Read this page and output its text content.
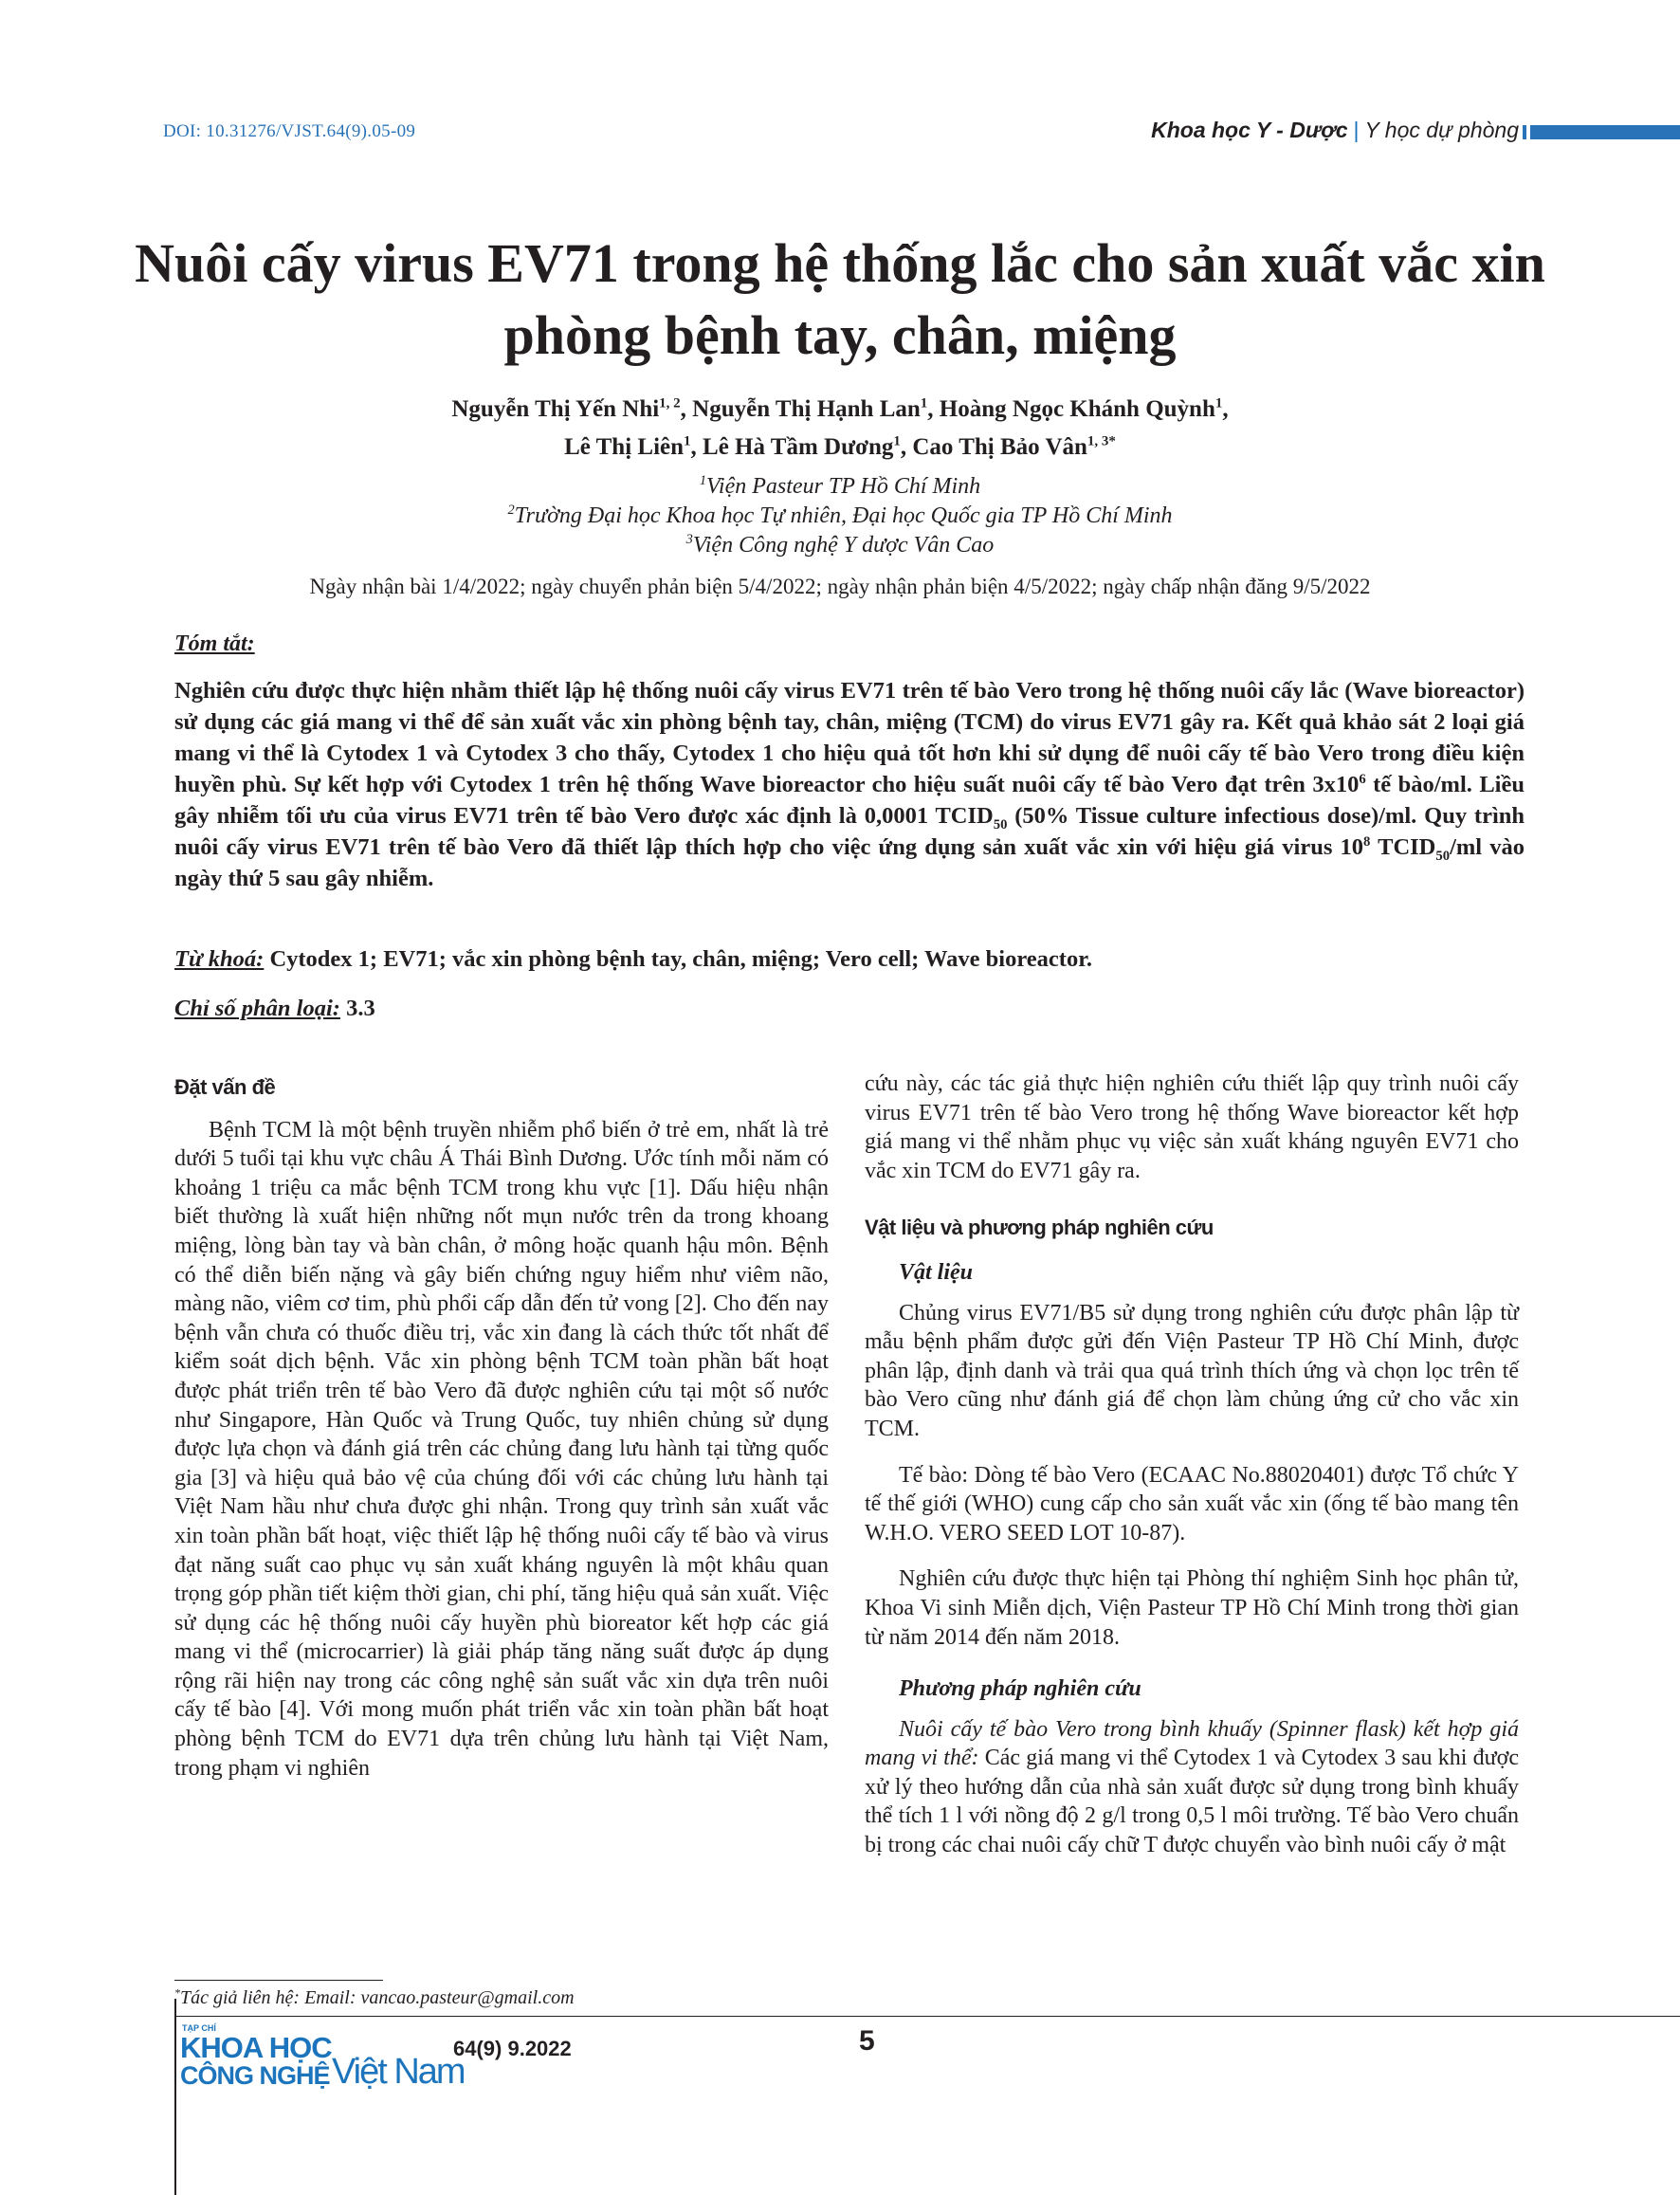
DOI: 10.31276/VJST.64(9).05-09	Khoa học Y - Dược | Y học dự phòng
Nuôi cấy virus EV71 trong hệ thống lắc cho sản xuất vắc xin
phòng bệnh tay, chân, miệng
Nguyễn Thị Yến Nhi$^{1, 2}$, Nguyễn Thị Hạnh Lan$^1$, Hoàng Ngọc Khánh Quỳnh$^1$,
Lê Thị Liên$^1$, Lê Hà Tầm Dương$^1$, Cao Thị Bảo Vân$^{1, 3*}$
$^1$Viện Pasteur TP Hồ Chí Minh
$^2$Trường Đại học Khoa học Tự nhiên, Đại học Quốc gia TP Hồ Chí Minh
$^3$Viện Công nghệ Y dược Vân Cao
Ngày nhận bài 1/4/2022; ngày chuyển phản biện 5/4/2022; ngày nhận phản biện 4/5/2022; ngày chấp nhận đăng 9/5/2022
Tóm tắt:
Nghiên cứu được thực hiện nhằm thiết lập hệ thống nuôi cấy virus EV71 trên tế bào Vero trong hệ thống nuôi cấy lắc (Wave bioreactor) sử dụng các giá mang vi thể để sản xuất vắc xin phòng bệnh tay, chân, miệng (TCM) do virus EV71 gây ra. Kết quả khảo sát 2 loại giá mang vi thể là Cytodex 1 và Cytodex 3 cho thấy, Cytodex 1 cho hiệu quả tốt hơn khi sử dụng để nuôi cấy tế bào Vero trong điều kiện huyền phù. Sự kết hợp với Cytodex 1 trên hệ thống Wave bioreactor cho hiệu suất nuôi cấy tế bào Vero đạt trên $3x10^6$ tế bào/ml. Liều gây nhiễm tối ưu của virus EV71 trên tế bào Vero được xác định là 0,0001 $TCID_{50}$ (50% Tissue culture infectious dose)/ml. Quy trình nuôi cấy virus EV71 trên tế bào Vero đã thiết lập thích hợp cho việc ứng dụng sản xuất vắc xin với hiệu giá virus $10^8$ $TCID_{50}/ml$ vào ngày thứ 5 sau gây nhiễm.
Từ khoá: Cytodex 1; EV71; vắc xin phòng bệnh tay, chân, miệng; Vero cell; Wave bioreactor.
Chỉ số phân loại: 3.3
Đặt vấn đề

Bệnh TCM là một bệnh truyền nhiễm phổ biến ở trẻ em, nhất là trẻ dưới 5 tuổi tại khu vực châu Á Thái Bình Dương. Ước tính mỗi năm có khoảng 1 triệu ca mắc bệnh TCM trong khu vực [1]. Dấu hiệu nhận biết thường là xuất hiện những nốt mụn nước trên da trong khoang miệng, lòng bàn tay và bàn chân, ở mông hoặc quanh hậu môn. Bệnh có thể diễn biến nặng và gây biến chứng nguy hiểm như viêm não, màng não, viêm cơ tim, phù phổi cấp dẫn đến tử vong [2]. Cho đến nay bệnh vẫn chưa có thuốc điều trị, vắc xin đang là cách thức tốt nhất để kiểm soát dịch bệnh. Vắc xin phòng bệnh TCM toàn phần bất hoạt được phát triển trên tế bào Vero đã được nghiên cứu tại một số nước như Singapore, Hàn Quốc và Trung Quốc, tuy nhiên chủng sử dụng được lựa chọn và đánh giá trên các chủng đang lưu hành tại từng quốc gia [3] và hiệu quả bảo vệ của chúng đối với các chủng lưu hành tại Việt Nam hầu như chưa được ghi nhận. Trong quy trình sản xuất vắc xin toàn phần bất hoạt, việc thiết lập hệ thống nuôi cấy tế bào và virus đạt năng suất cao phục vụ sản xuất kháng nguyên là một khâu quan trọng góp phần tiết kiệm thời gian, chi phí, tăng hiệu quả sản xuất. Việc sử dụng các hệ thống nuôi cấy huyền phù bioreator kết hợp các giá mang vi thể (microcarrier) là giải pháp tăng năng suất được áp dụng rộng rãi hiện nay trong các công nghệ sản suất vắc xin dựa trên nuôi cấy tế bào [4]. Với mong muốn phát triển vắc xin toàn phần bất hoạt phòng bệnh TCM do EV71 dựa trên chủng lưu hành tại Việt Nam, trong phạm vi nghiên

cứu này, các tác giả thực hiện nghiên cứu thiết lập quy trình nuôi cấy virus EV71 trên tế bào Vero trong hệ thống Wave bioreactor kết hợp giá mang vi thể nhằm phục vụ việc sản xuất kháng nguyên EV71 cho vắc xin TCM do EV71 gây ra.

Vật liệu và phương pháp nghiên cứu
Vật liệu

Chủng virus EV71/B5 sử dụng trong nghiên cứu được phân lập từ mẫu bệnh phẩm được gửi đến Viện Pasteur TP Hồ Chí Minh, được phân lập, định danh và trải qua quá trình thích ứng và chọn lọc trên tế bào Vero cũng như đánh giá để chọn làm chủng ứng cử cho vắc xin TCM.

Tế bào: Dòng tế bào Vero (ECAAC No.88020401) được Tổ chức Y tế thế giới (WHO) cung cấp cho sản xuất vắc xin (ống tế bào mang tên W.H.O. VERO SEED LOT 10-87).

Nghiên cứu được thực hiện tại Phòng thí nghiệm Sinh học phân tử, Khoa Vi sinh Miễn dịch, Viện Pasteur TP Hồ Chí Minh trong thời gian từ năm 2014 đến năm 2018.

Phương pháp nghiên cứu

Nuôi cấy tế bào Vero trong bình khuấy (Spinner flask) kết hợp giá mang vi thể: Các giá mang vi thể Cytodex 1 và Cytodex 3 sau khi được xử lý theo hướng dẫn của nhà sản xuất được sử dụng trong bình khuấy thể tích 1 l với nồng độ 2 g/l trong 0,5 l môi trường. Tế bào Vero chuẩn bị trong các chai nuôi cấy chữ T được chuyển vào bình nuôi cấy ở mật

*Tác giả liên hệ: Email: vancao.pasteur@gmail.com
TẠP CHÍ
KHOA HỌC
CÔNG NGHỆ Việt Nam
64(9) 9.2022	5
